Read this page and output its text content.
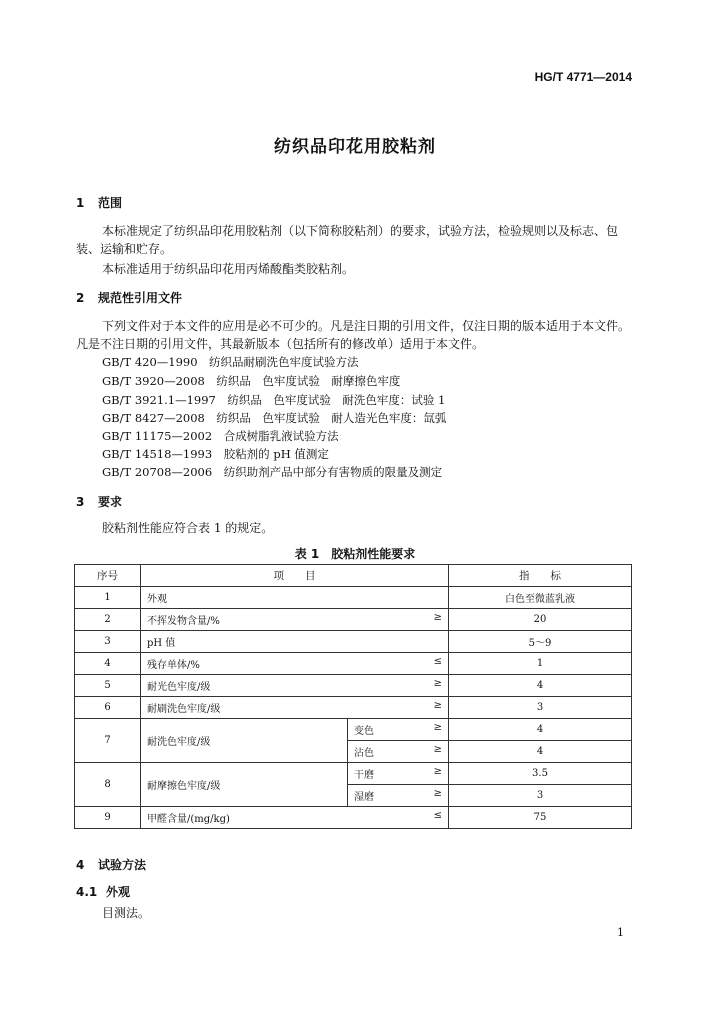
HG/T 4771—2014
纺织品印花用胶粘剂
1 范围
本标准规定了纺织品印花用胶粘剂（以下简称胶粘剂）的要求，试验方法，检验规则以及标志、包装、运输和贮存。
本标准适用于纺织品印花用丙烯酸酯类胶粘剂。
2 规范性引用文件
下列文件对于本文件的应用是必不可少的。凡是注日期的引用文件，仅注日期的版本适用于本文件。凡是不注日期的引用文件，其最新版本（包括所有的修改单）适用于本文件。
GB/T 420—1990　纺织品耐刷洗色牢度试验方法
GB/T 3920—2008　纺织品　色牢度试验　耐摩擦色牢度
GB/T 3921.1—1997　纺织品　色牢度试验　耐洗色牢度：试验 1
GB/T 8427—2008　纺织品　色牢度试验　耐人造光色牢度：氙弧
GB/T 11175—2002　合成树脂乳液试验方法
GB/T 14518—1993　胶粘剂的 pH 值测定
GB/T 20708—2006　纺织助剂产品中部分有害物质的限量及测定
3 要求
胶粘剂性能应符合表 1 的规定。
表 1　胶粘剂性能要求
序号	项　　目		指　　标
1	外观		白色至微蓝乳液
2	不挥发物含量/% ≥		20
3	pH 值		5～9
4	残存单体/% ≤		1
5	耐光色牢度/级 ≥		4
6	耐刷洗色牢度/级 ≥		3
7	耐洗色牢度/级	变色 ≥	4
		沾色 ≥	4
8	耐摩擦色牢度/级	干磨 ≥	3.5
		湿磨 ≥	3
9	甲醛含量/(mg/kg) ≤		75
4 试验方法
4.1 外观
目测法。
1
